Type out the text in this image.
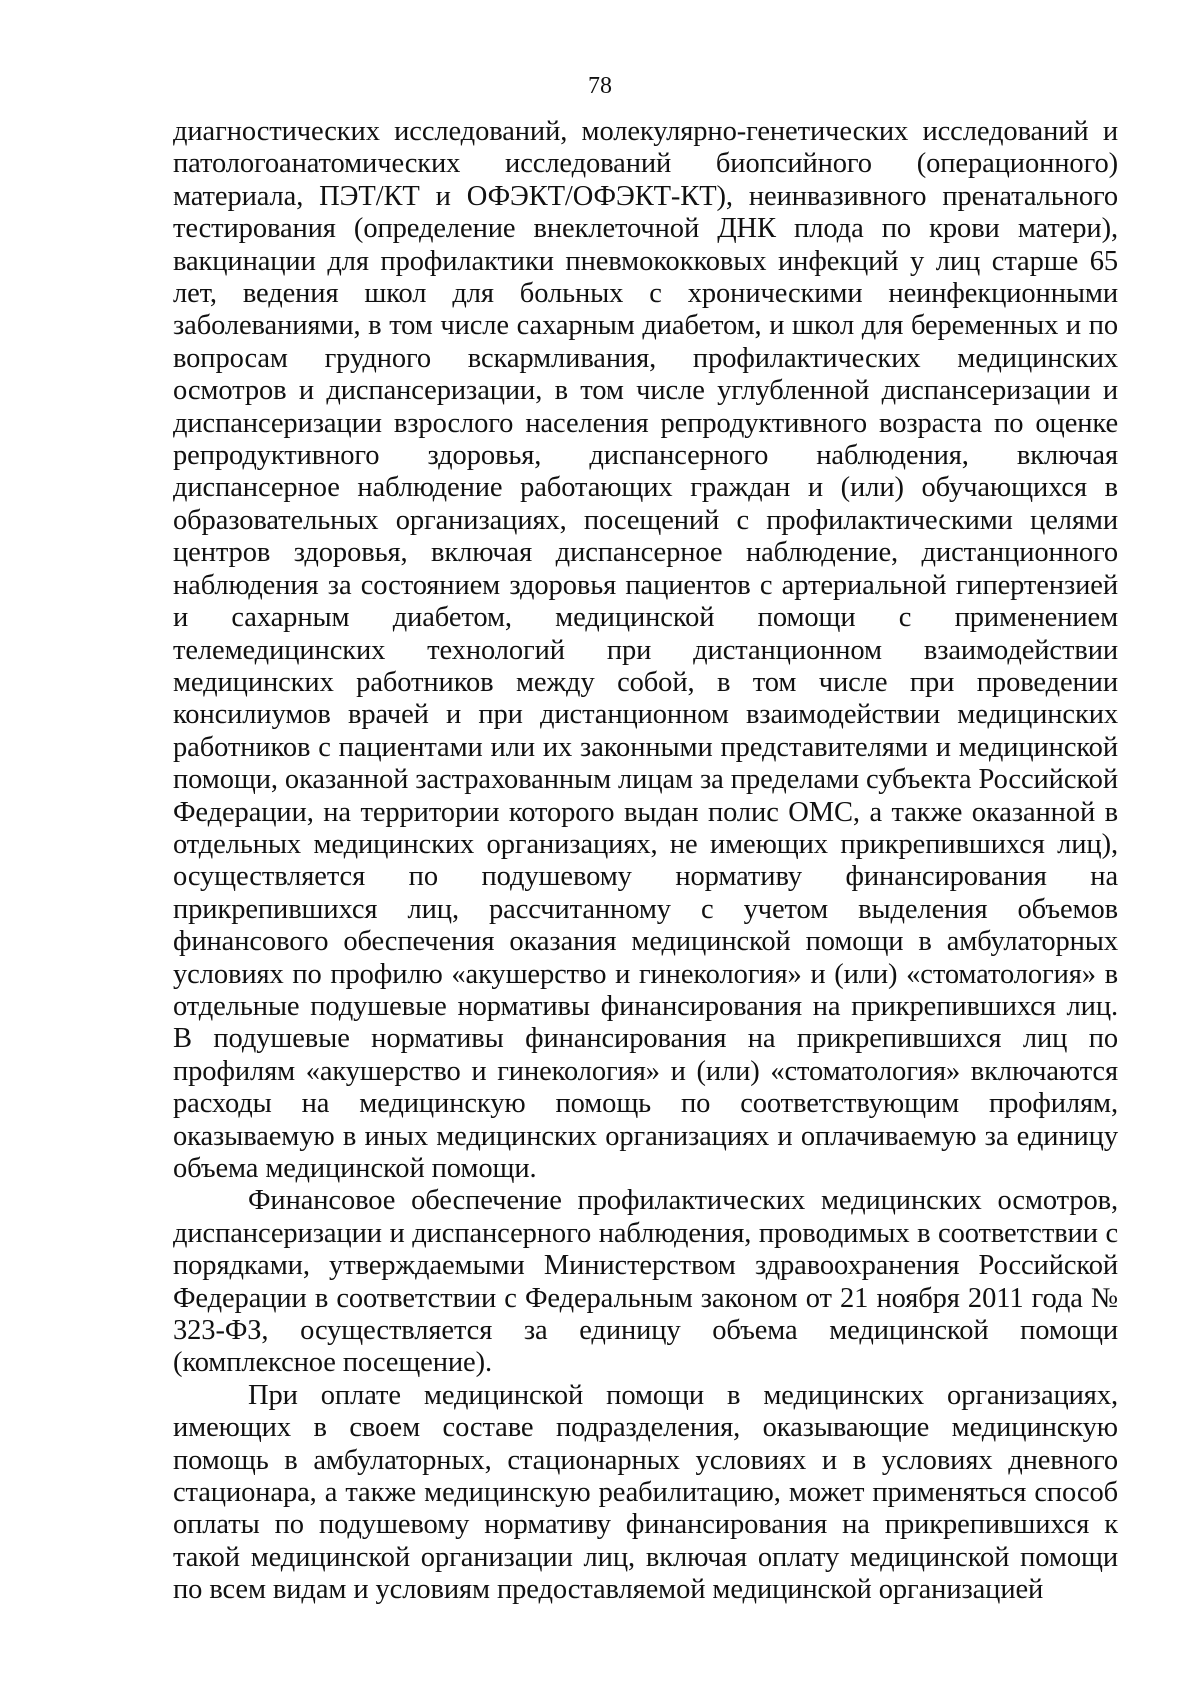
78

диагностических исследований, молекулярно-генетических исследований и патологоанатомических исследований биопсийного (операционного) материала, ПЭТ/КТ и ОФЭКТ/ОФЭКТ-КТ), неинвазивного пренатального тестирования (определение внеклеточной ДНК плода по крови матери), вакцинации для профилактики пневмококковых инфекций у лиц старше 65 лет, ведения школ для больных с хроническими неинфекционными заболеваниями, в том числе сахарным диабетом, и школ для беременных и по вопросам грудного вскармливания, профилактических медицинских осмотров и диспансеризации, в том числе углубленной диспансеризации и диспансеризации взрослого населения репродуктивного возраста по оценке репродуктивного здоровья, диспансерного наблюдения, включая диспансерное наблюдение работающих граждан и (или) обучающихся в образовательных организациях, посещений с профилактическими целями центров здоровья, включая диспансерное наблюдение, дистанционного наблюдения за состоянием здоровья пациентов с артериальной гипертензией и сахарным диабетом, медицинской помощи с применением телемедицинских технологий при дистанционном взаимодействии медицинских работников между собой, в том числе при проведении консилиумов врачей и при дистанционном взаимодействии медицинских работников с пациентами или их законными представителями и медицинской помощи, оказанной застрахованным лицам за пределами субъекта Российской Федерации, на территории которого выдан полис ОМС, а также оказанной в отдельных медицинских организациях, не имеющих прикрепившихся лиц), осуществляется по подушевому нормативу финансирования на прикрепившихся лиц, рассчитанному с учетом выделения объемов финансового обеспечения оказания медицинской помощи в амбулаторных условиях по профилю «акушерство и гинекология» и (или) «стоматология» в отдельные подушевые нормативы финансирования на прикрепившихся лиц. В подушевые нормативы финансирования на прикрепившихся лиц по профилям «акушерство и гинекология» и (или) «стоматология» включаются расходы на медицинскую помощь по соответствующим профилям, оказываемую в иных медицинских организациях и оплачиваемую за единицу объема медицинской помощи.

Финансовое обеспечение профилактических медицинских осмотров, диспансеризации и диспансерного наблюдения, проводимых в соответствии с порядками, утверждаемыми Министерством здравоохранения Российской Федерации в соответствии с Федеральным законом от 21 ноября 2011 года № 323-ФЗ, осуществляется за единицу объема медицинской помощи (комплексное посещение).

При оплате медицинской помощи в медицинских организациях, имеющих в своем составе подразделения, оказывающие медицинскую помощь в амбулаторных, стационарных условиях и в условиях дневного стационара, а также медицинскую реабилитацию, может применяться способ оплаты по подушевому нормативу финансирования на прикрепившихся к такой медицинской организации лиц, включая оплату медицинской помощи по всем видам и условиям предоставляемой медицинской организацией
